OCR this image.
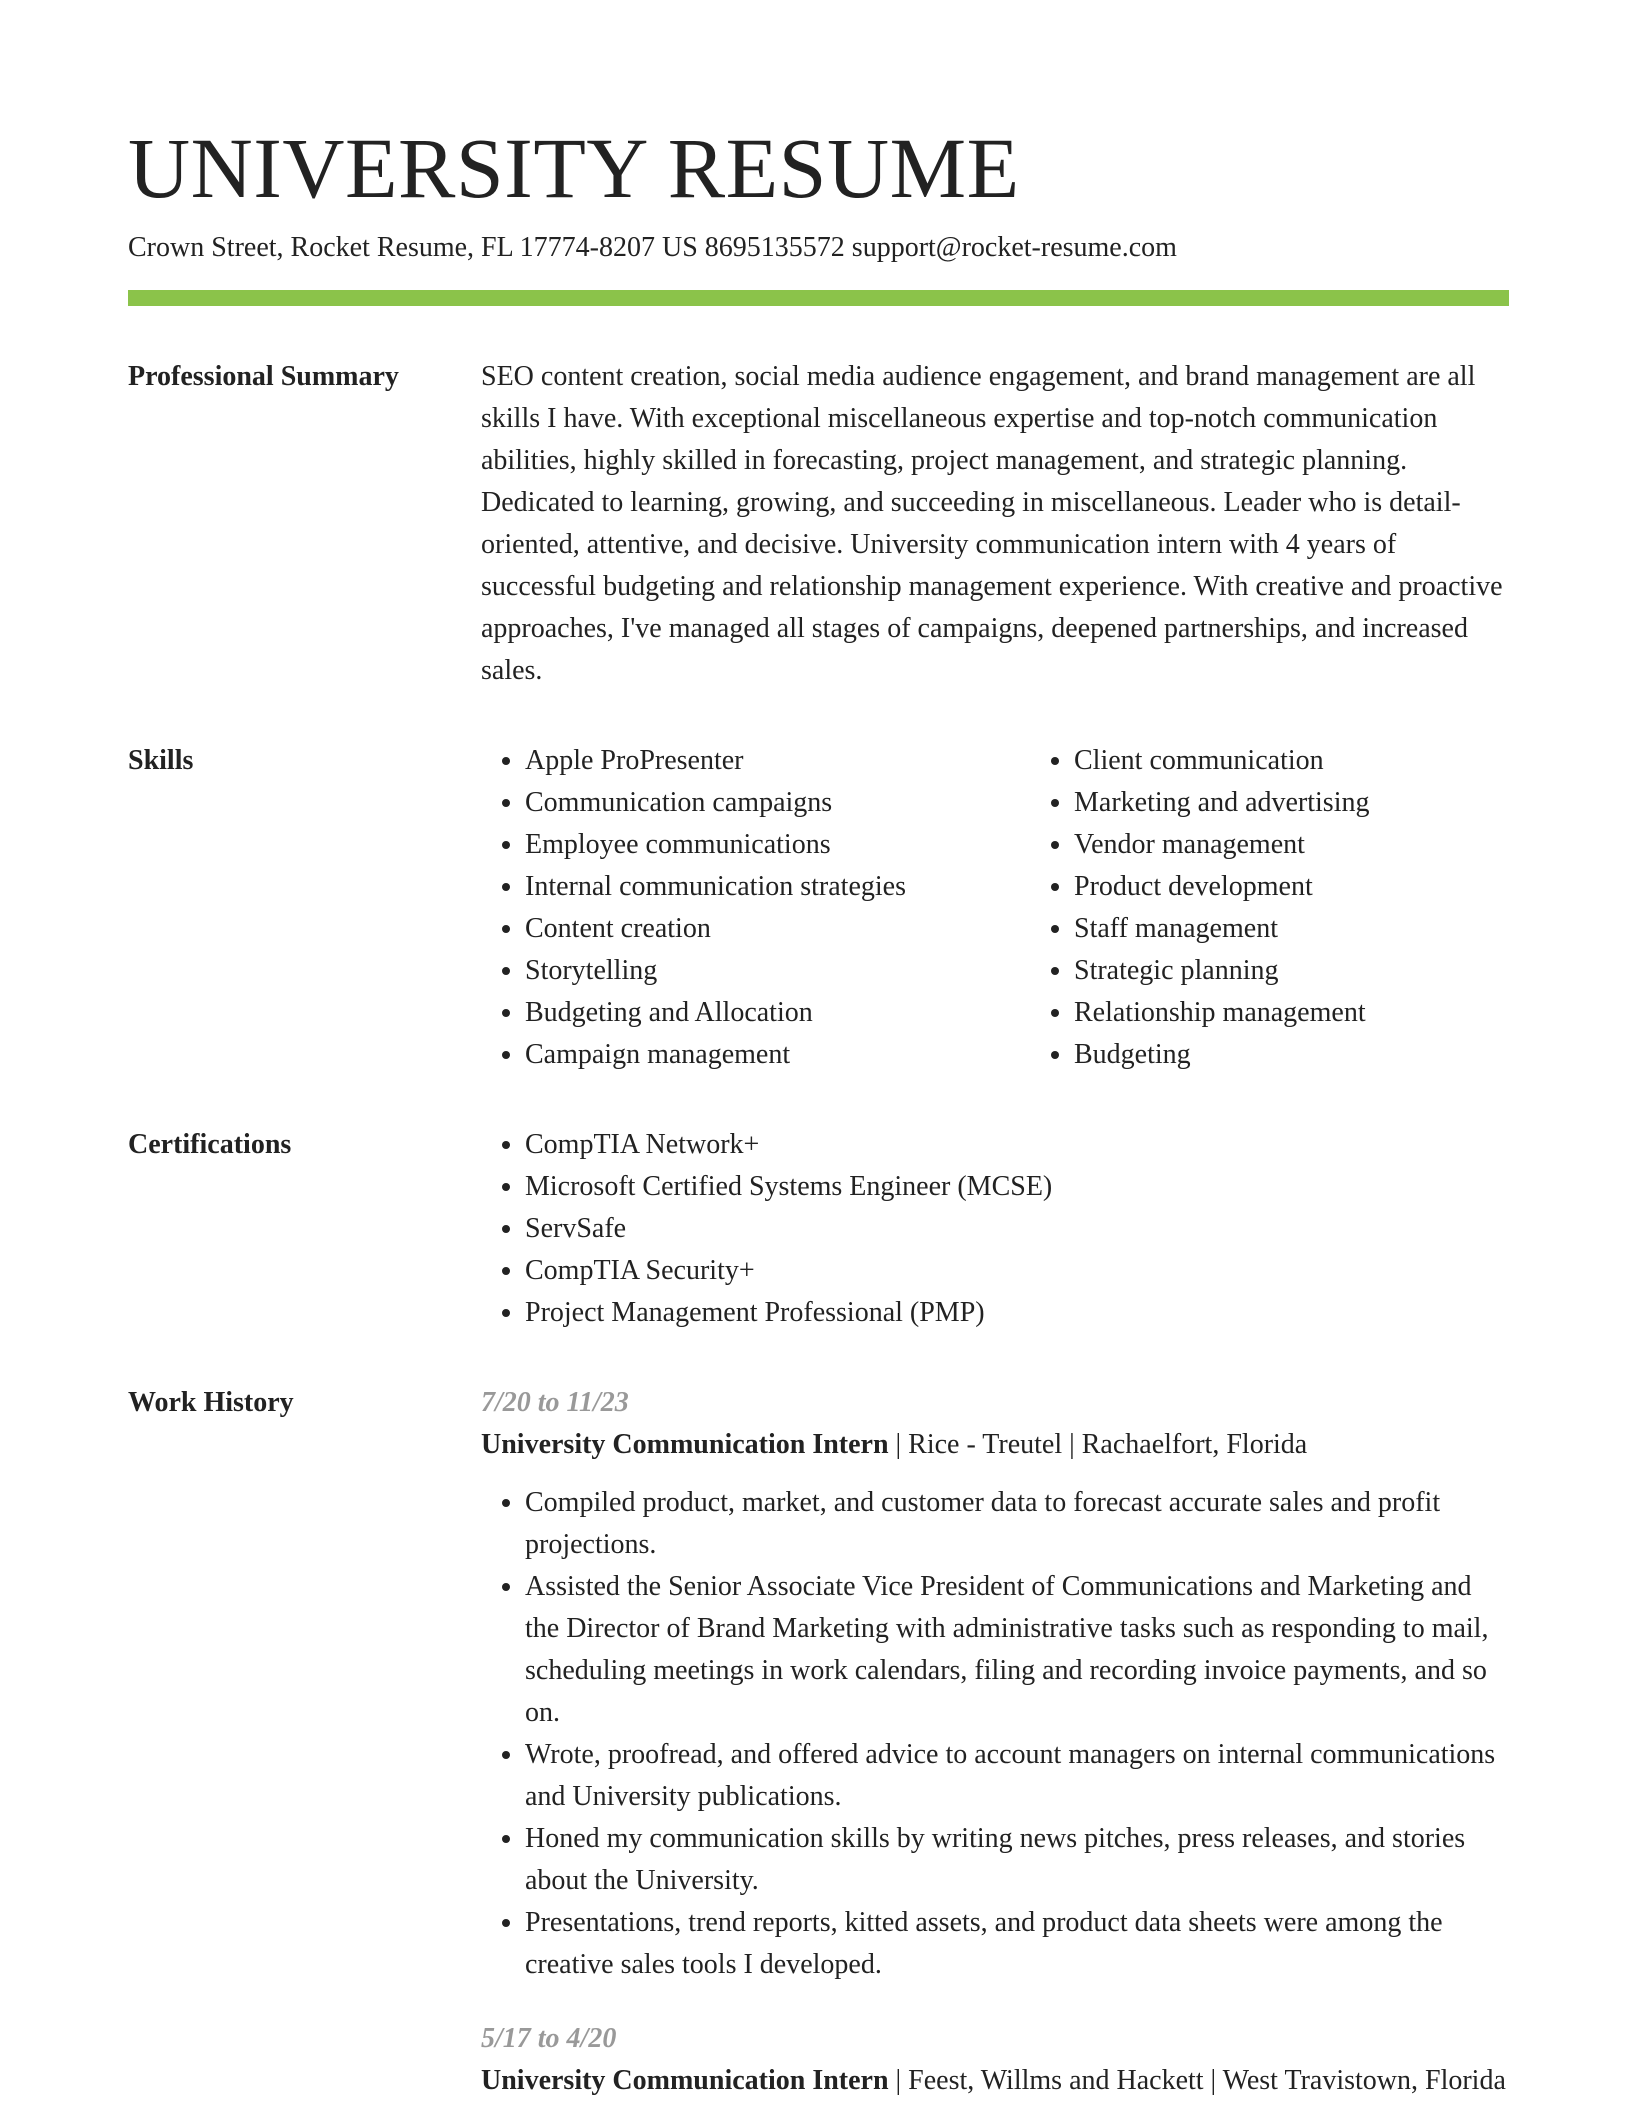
UNIVERSITY RESUME
Crown Street, Rocket Resume, FL 17774-8207 US 8695135572 support@rocket-resume.com
Professional Summary	SEO content creation, social media audience engagement, and brand management are all skills I have. With exceptional miscellaneous expertise and top-notch communication abilities, highly skilled in forecasting, project management, and strategic planning. Dedicated to learning, growing, and succeeding in miscellaneous. Leader who is detail-oriented, attentive, and decisive. University communication intern with 4 years of successful budgeting and relationship management experience. With creative and proactive approaches, I've managed all stages of campaigns, deepened partnerships, and increased sales.

Skills	• Apple ProPresenter
• Communication campaigns
• Employee communications
• Internal communication strategies
• Content creation
• Storytelling
• Budgeting and Allocation
• Campaign management
• Client communication
• Marketing and advertising
• Vendor management
• Product development
• Staff management
• Strategic planning
• Relationship management
• Budgeting
Certifications	• CompTIA Network+
• Microsoft Certified Systems Engineer (MCSE)
• ServSafe
• CompTIA Security+
• Project Management Professional (PMP)
Work History	7/20 to 11/23
University Communication Intern | Rice - Treutel | Rachaelfort, Florida
• Compiled product, market, and customer data to forecast accurate sales and profit projections.
• Assisted the Senior Associate Vice President of Communications and Marketing and the Director of Brand Marketing with administrative tasks such as responding to mail, scheduling meetings in work calendars, filing and recording invoice payments, and so on.
• Wrote, proofread, and offered advice to account managers on internal communications and University publications.
• Honed my communication skills by writing news pitches, press releases, and stories about the University.
• Presentations, trend reports, kitted assets, and product data sheets were among the creative sales tools I developed.
5/17 to 4/20
University Communication Intern | Feest, Willms and Hackett | West Travistown, Florida
